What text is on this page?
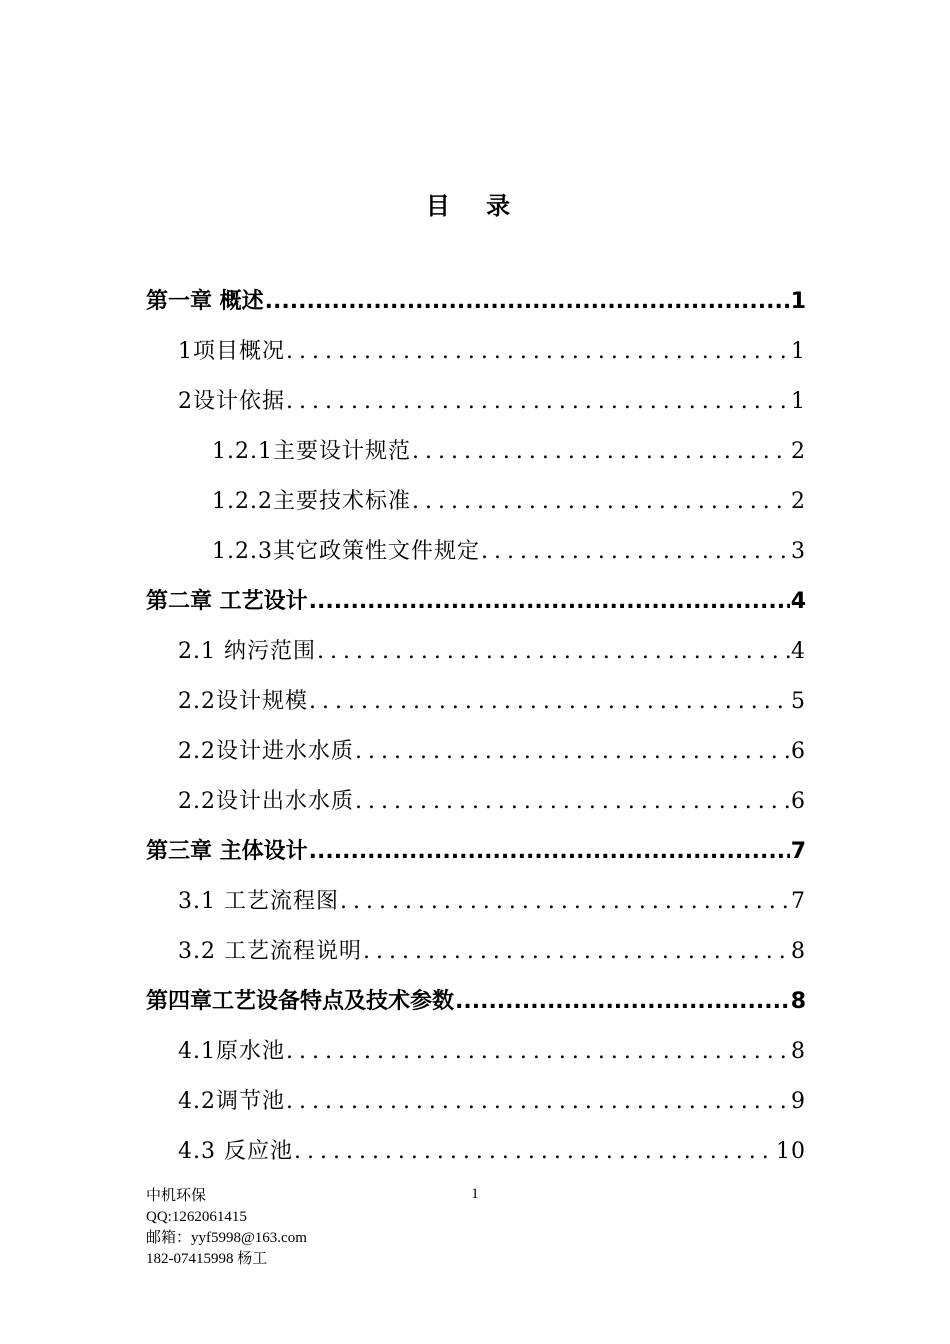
目 录
第一章 概述 .....	1
1项目概况 .....	1
2设计依据 .....	1
1.2.1主要设计规范 .....	2
1.2.2主要技术标准 .....	2
1.2.3其它政策性文件规定 .....	3
第二章 工艺设计 .....	4
2.1 纳污范围 .....	4
2.2设计规模 .....	5
2.2设计进水水质 .....	6
2.2设计出水水质 .....	6
第三章 主体设计 .....	7
3.1 工艺流程图 .....	7
3.2 工艺流程说明 .....	8
第四章工艺设备特点及技术参数 .....	8
4.1原水池 .....	8
4.2调节池 .....	9
4.3 反应池 .....	10
1
中机环保
QQ:1262061415
邮箱：yyf5998@163.com
182-07415998 杨工
